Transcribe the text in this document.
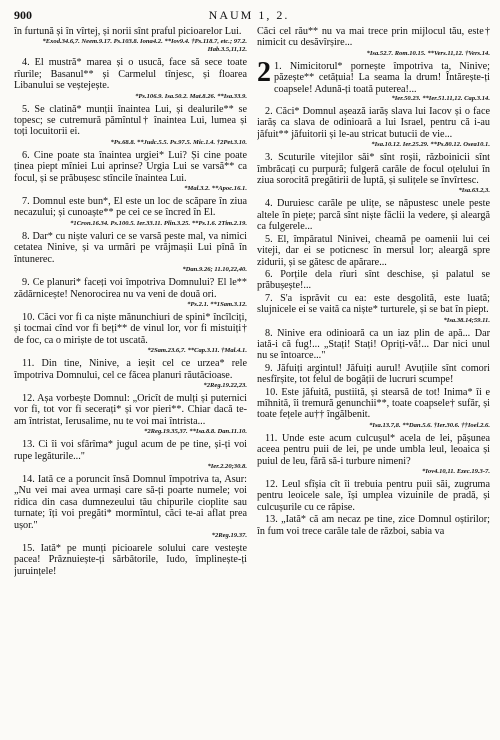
900	NAUM 1, 2.

în furtună și în vîrtej, și norii sînt praful picioarelor Lui.

*Exod.34.6,7. Neem.9.17. Ps.103.8. Iona4.2. **Iov9.4. †Ps.118.7, etc.; 97.2. Hab.3.5,11,12.

4. El mustră* marea și o usucă, face să sece toate rîurile; Basanul** și Carmelul tînjesc, și floarea Libanului se veștejește.

*Ps.106.9. Isa.50.2. Mat.8.26. **Isa.33.9.

5. Se clatină* munții înaintea Lui, și dealurile** se topesc; se cutremură pămîntul† înaintea Lui, lumea și toți locuitorii ei.

*Ps.68.8. **Judc.5.5. Ps.97.5. Mic.1.4. †2Pet.3.10.

6. Cine poate sta înaintea urgiei* Lui? Și cine poate ținea piept mîniei Lui aprinse? Urgia Lui se varsă** ca focul, și se prăbușesc stîncile înaintea Lui.

*Mal.3.2. **Apoc.16.1.

7. Domnul este bun*, El este un loc de scăpare în ziua necazului; și cunoaște** pe cei ce se încred în El.

*1Cron.16.34. Ps.100.5. Ier.33.11. Plîn.3.25. **Ps.1.6. 2Tim.2.19.

8. Dar* cu niște valuri ce se varsă peste mal, va nimici cetatea Ninive, și va urmări pe vrăjmașii Lui pînă în întunerec.

*Dan.9.26; 11.10,22,40.

9. Ce planuri* faceți voi împotriva Domnului? El le** zădărnicește! Nenorocirea nu va veni de două ori.

*Ps.2.1. **1Sam.3.12.

10. Căci vor fi ca niște mănunchiuri de spini* încîlciți, și tocmai cînd vor fi beți** de vinul lor, vor fi mistuiți† de foc, ca o miriște de tot uscată.

*2Sam.23.6,7. **Cap.3.11. †Mal.4.1.

11. Din tine, Ninive, a ieșit cel ce urzea* rele împotriva Domnului, cel ce făcea planuri răutăcioase.

*2Reg.19.22,23.

12. Așa vorbește Domnul: „Oricît de mulți și puternici vor fi, tot vor fi secerați* și vor pieri**. Chiar dacă te-am întristat, Ierusalime, nu te voi mai întrista...

*2Reg.19.35,37. **Isa.8.8. Dan.11.10.

13. Ci îi voi sfărîma* jugul acum de pe tine, și-ți voi rupe legăturile..."

*Ier.2.20;30.8.

14. Iată ce a poruncit însă Domnul împotriva ta, Asur: „Nu vei mai avea urmași care să-ți poarte numele; voi ridica din casa dumnezeului tău chipurile cioplite sau turnate; îți voi pregăti* mormîntul, căci te-ai aflat prea ușor."

*2Reg.19.37.

15. Iată* pe munți picioarele solului care vestește pacea! Prăznuiește-ți sărbătorile, Iudo, împlinește-ți juruințele!

Căci cel rău** nu va mai trece prin mijlocul tău, este† nimicit cu desăvîrșire...

*Isa.52.7. Rom.10.15. **Vers.11,12. †Vers.14.
2 1. Nimicitorul* pornește împotriva ta, Ninive; păzește** cetățuia! La seama la drum! Întărește-ți coapsele! Adună-ți toată puterea!...

*Ier.50.23. **Ier.51.11,12. Cap.3.14.

2. Căci* Domnul așează iarăș slava lui Iacov și o face iarăș ca slava de odinioară a lui Israel, pentru că i-au jăfuit** jăfuitorii și le-au stricat butucii de vie...

*Isa.10.12. Ier.25.29. **Ps.80.12. Osea10.1.

3. Scuturile vitejilor săi* sînt roșii, războinicii sînt îmbrăcați cu purpură; fulgeră carăle de focul oțelului în ziua sorocită pregătirii de luptă, și sulițele se învîrtesc.

*Isa.63.2,3.

4. Duruiesc carăle pe ulițe, se năpustesc unele peste altele în piețe; parcă sînt niște făclii la vedere, și aleargă ca fulgerele...

5. El, împăratul Ninivei, cheamă pe oamenii lui cei viteji, dar ei se poticnesc în mersul lor; aleargă spre zidurii, și se gătesc de apărare...

6. Porțile dela rîuri sînt deschise, și palatul se prăbușește!...

7. S'a isprăvit cu ea: este desgolită, este luată; slujnicele ei se vaită ca niște* turturele, și se bat în piept.

*Isa.38.14;59.11.

8. Ninive era odinioară ca un iaz plin de apă... Dar iată-i că fug!... „Stați! Stați! Opriți-vă!... Dar nici unul nu se întoarce..."

9. Jăfuiți argintul! Jăfuiți aurul! Avuțiile sînt comori nesfîrșite, tot felul de bogății de lucruri scumpe!

10. Este jăfuită, pustiită, și stearsă de tot! Inima* îi e mîhnită, îi tremură genunchii**, toate coapsele† sufăr, și toate fețele au†† îngălbenit.

*Isa.13.7,8. **Dan.5.6. †Ier.30.6. ††Ioel.2.6.

11. Unde este acum culcușul* acela de lei, pășunea aceea pentru puii de lei, pe unde umbla leul, leoaica și puiul de leu, fără să-i turbure nimeni?

*Iov4.10,11. Ezec.19.3-7.

12. Leul sfîșia cît îi trebuia pentru puii săi, zugruma pentru leoicele sale, își umplea vizuinile de pradă, și culcușurile cu ce răpise.

13. „Iată* că am necaz pe tine, zice Domnul oștirilor; în fum voi trece carăle tale de război, sabia va
